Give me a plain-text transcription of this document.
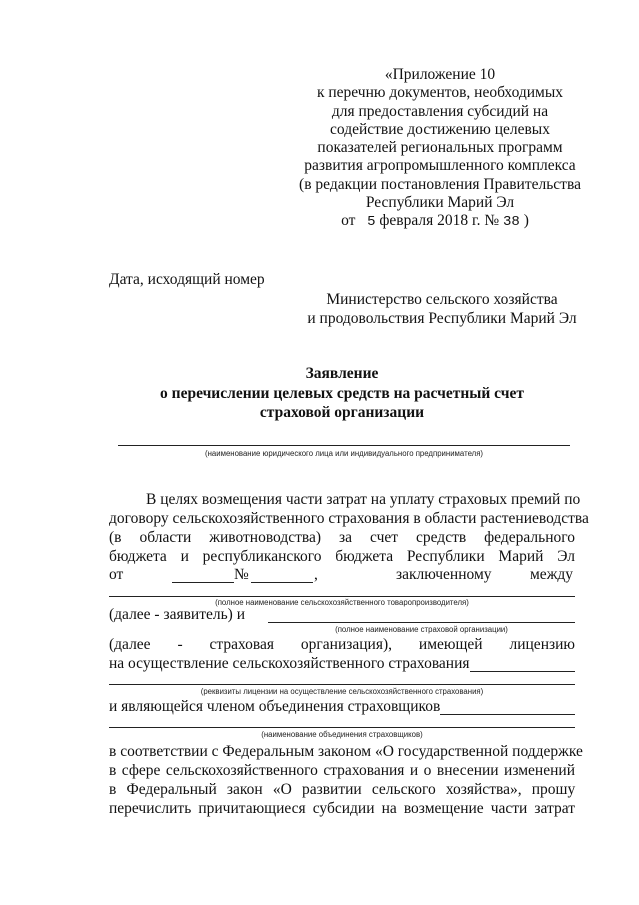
«Приложение 10
к перечню документов, необходимых
для предоставления субсидий на
содействие достижению целевых
показателей региональных программ
развития агропромышленного комплекса
(в редакции постановления Правительства
Республики Марий Эл
от 5 февраля 2018 г. № 38 )
Дата, исходящий номер
Министерство сельского хозяйства
и продовольствия Республики Марий Эл
Заявление
о перечислении целевых средств на расчетный счет
страховой организации
(наименование юридического лица или индивидуального предпринимателя)
В целях возмещения части затрат на уплату страховых премий по
договору сельскохозяйственного страхования в области растениеводства
(в области животноводства) за счет средств федерального
бюджета и республиканского бюджета Республики Марий Эл
от	№	,	заключенному между
(полное наименование сельскохозяйственного товаропроизводителя)
(далее - заявитель) и
(полное наименование страховой организации)
(далее - страховая организация), имеющей лицензию
на осуществление сельскохозяйственного страхования
(реквизиты лицензии на осуществление сельскохозяйственного страхования)
и являющейся членом объединения страховщиков
(наименование объединения страховщиков)
в соответствии с Федеральным законом «О государственной поддержке
в сфере сельскохозяйственного страхования и о внесении изменений
в Федеральный закон «О развитии сельского хозяйства», прошу
перечислить причитающиеся субсидии на возмещение части затрат
